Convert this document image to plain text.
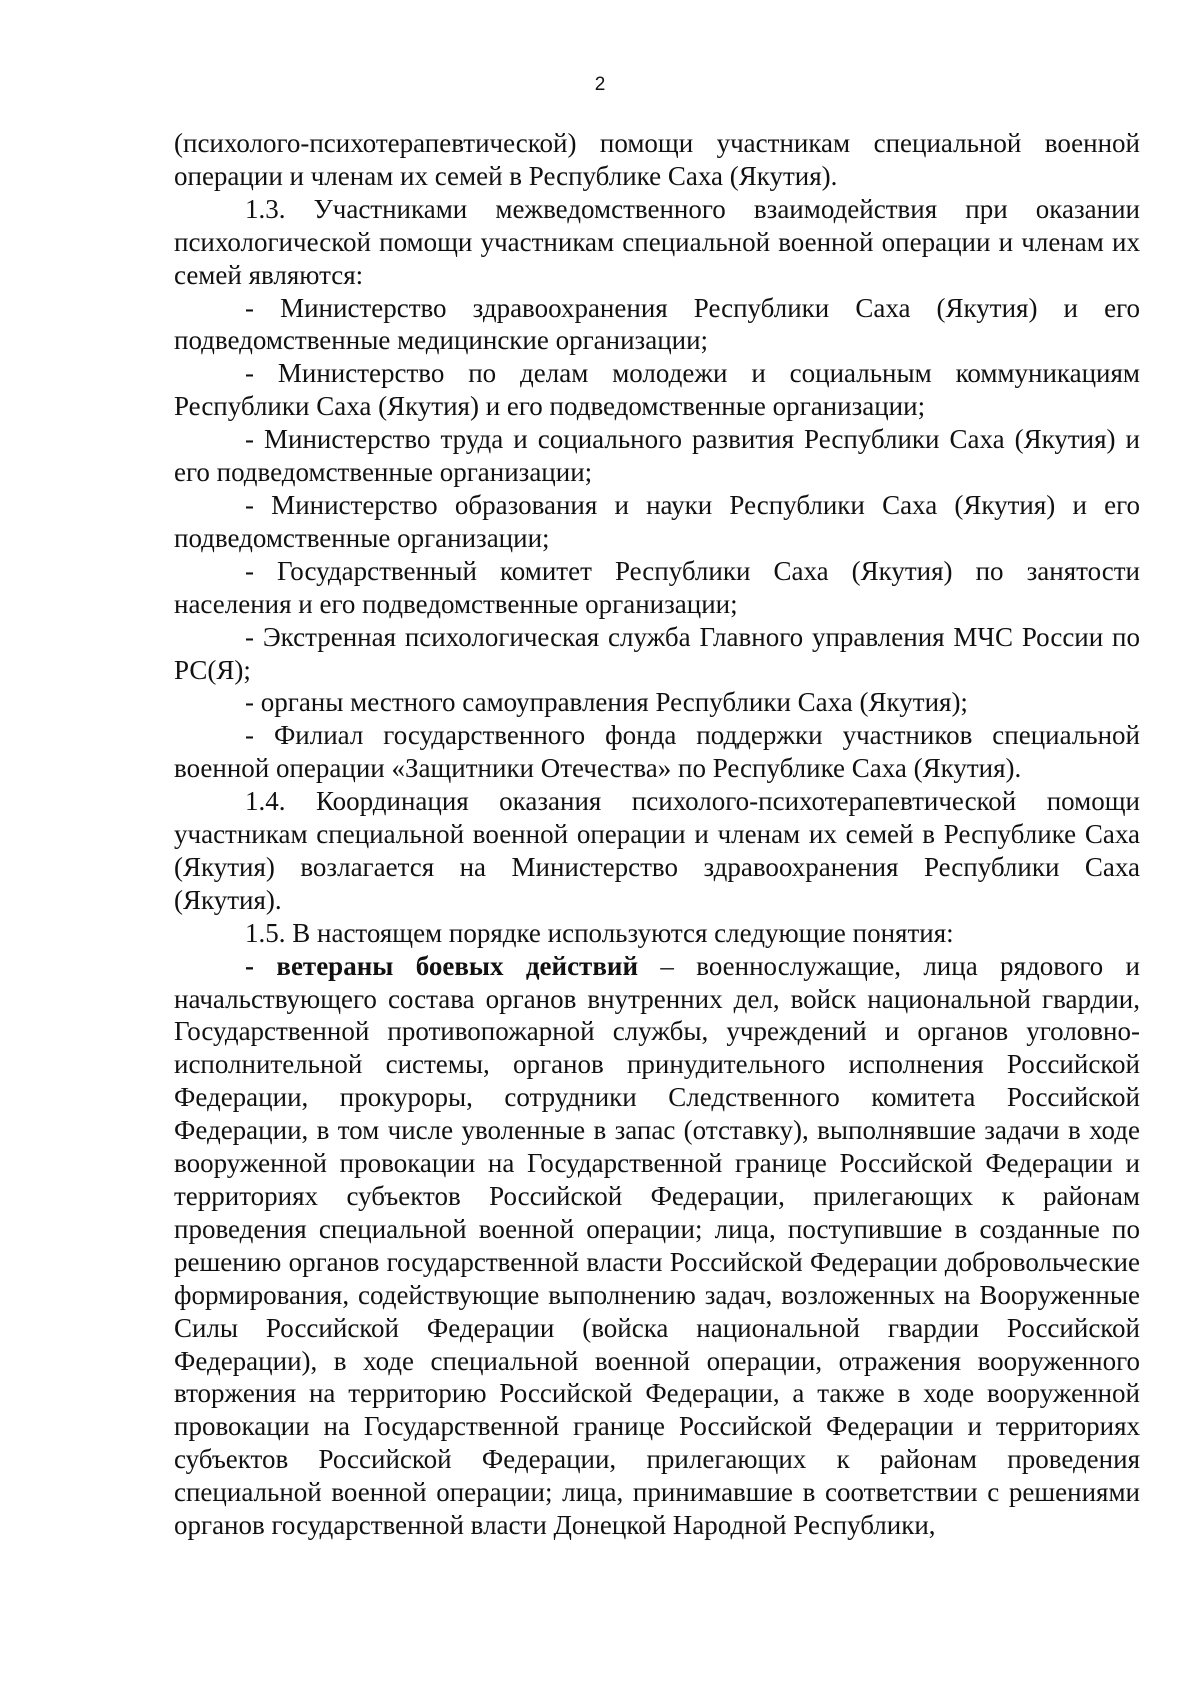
2

(психолого-психотерапевтической) помощи участникам специальной военной операции и членам их семей в Республике Саха (Якутия).

1.3. Участниками межведомственного взаимодействия при оказании психологической помощи участникам специальной военной операции и членам их семей являются:

- Министерство здравоохранения Республики Саха (Якутия) и его подведомственные медицинские организации;

- Министерство по делам молодежи и социальным коммуникациям Республики Саха (Якутия) и его подведомственные организации;

- Министерство труда и социального развития Республики Саха (Якутия) и его подведомственные организации;

- Министерство образования и науки Республики Саха (Якутия) и его подведомственные организации;

- Государственный комитет Республики Саха (Якутия) по занятости населения и его подведомственные организации;

- Экстренная психологическая служба Главного управления МЧС России по РС(Я);

- органы местного самоуправления Республики Саха (Якутия);

- Филиал государственного фонда поддержки участников специальной военной операции «Защитники Отечества» по Республике Саха (Якутия).

1.4. Координация оказания психолого-психотерапевтической помощи участникам специальной военной операции и членам их семей в Республике Саха (Якутия) возлагается на Министерство здравоохранения Республики Саха (Якутия).

1.5. В настоящем порядке используются следующие понятия:

- ветераны боевых действий – военнослужащие, лица рядового и начальствующего состава органов внутренних дел, войск национальной гвардии, Государственной противопожарной службы, учреждений и органов уголовно-исполнительной системы, органов принудительного исполнения Российской Федерации, прокуроры, сотрудники Следственного комитета Российской Федерации, в том числе уволенные в запас (отставку), выполнявшие задачи в ходе вооруженной провокации на Государственной границе Российской Федерации и территориях субъектов Российской Федерации, прилегающих к районам проведения специальной военной операции; лица, поступившие в созданные по решению органов государственной власти Российской Федерации добровольческие формирования, содействующие выполнению задач, возложенных на Вооруженные Силы Российской Федерации (войска национальной гвардии Российской Федерации), в ходе специальной военной операции, отражения вооруженного вторжения на территорию Российской Федерации, а также в ходе вооруженной провокации на Государственной границе Российской Федерации и территориях субъектов Российской Федерации, прилегающих к районам проведения специальной военной операции; лица, принимавшие в соответствии с решениями органов государственной власти Донецкой Народной Республики,
